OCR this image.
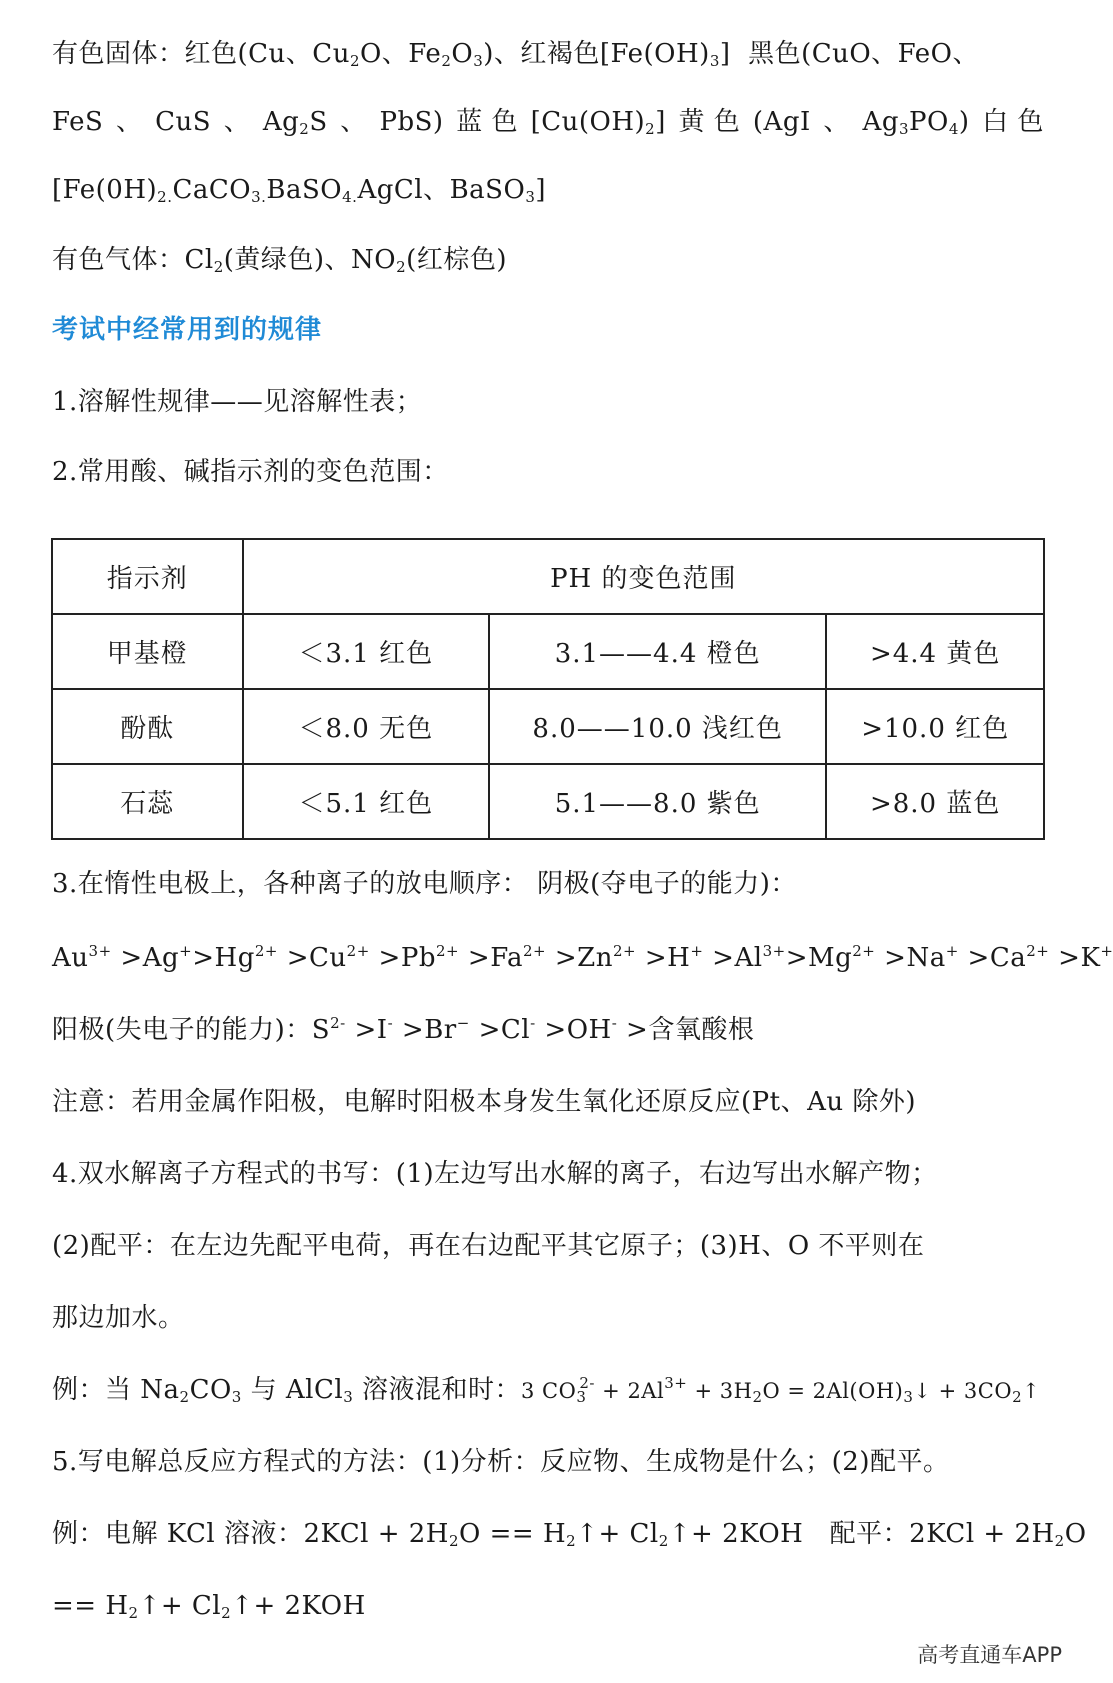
有色固体：红色(Cu、$Cu_2O$、$Fe_2O_3$)、红褐色$[Fe(OH)_3]$ 黑色(CuO、FeO、
FeS 、 CuS 、 $Ag_2S$ 、 PbS) 蓝 色 $[Cu(OH)_2]$ 黄 色 (AgI 、 $Ag_3PO_4$) 白 色
[$Fe(0H)_{2.}CaCO_{3.}BaSO_{4.}AgCl$、BaSO$_3$]
有色气体：$Cl_2$(黄绿色)、$NO_2$(红棕色)
考试中经常用到的规律
1.溶解性规律——见溶解性表；
2.常用酸、碱指示剂的变色范围：
指示剂	PH 的变色范围		
甲基橙	＜3.1 红色	3.1——4.4 橙色	>4.4 黄色
酚酞	＜8.0 无色	8.0——10.0 浅红色	>10.0 红色
石蕊	＜5.1 红色	5.1——8.0 紫色	>8.0 蓝色
3.在惰性电极上，各种离子的放电顺序： 阴极(夺电子的能力)：
$Au^{3+} >Ag^+>Hg^{2+} >Cu^{2+} >Pb^{2+} >Fa^{2+} >Zn^{2+} >H^+ >Al^{3+}>Mg^{2+} >Na^+ >Ca^{2+} >K^+$
阳极(失电子的能力)：$S^{2-} >I^- >Br^- >Cl^- >OH^-$ >含氧酸根
注意：若用金属作阳极，电解时阳极本身发生氧化还原反应(Pt、Au 除外)
4.双水解离子方程式的书写：(1)左边写出水解的离子，右边写出水解产物；
(2)配平：在左边先配平电荷，再在右边配平其它原子；(3)H、O 不平则在
那边加水。
例：当 $Na_2CO_3$ 与 AlCl$_3$ 溶液混和时：3 $CO_3^{2-} + 2Al^{3+} + 3H_2O$ = $2Al(OH)_3↓$ + $3CO_2↑$
5.写电解总反应方程式的方法：(1)分析：反应物、生成物是什么；(2)配平。
例：电解 KCl 溶液：$2KCl + 2H_2O$ == $H_2↑+$ $Cl_2↑+ 2KOH$   配平：$2KCl + 2H_2O$
== $H_2↑+$ $Cl_2↑+ 2KOH$
高考直通车APP
